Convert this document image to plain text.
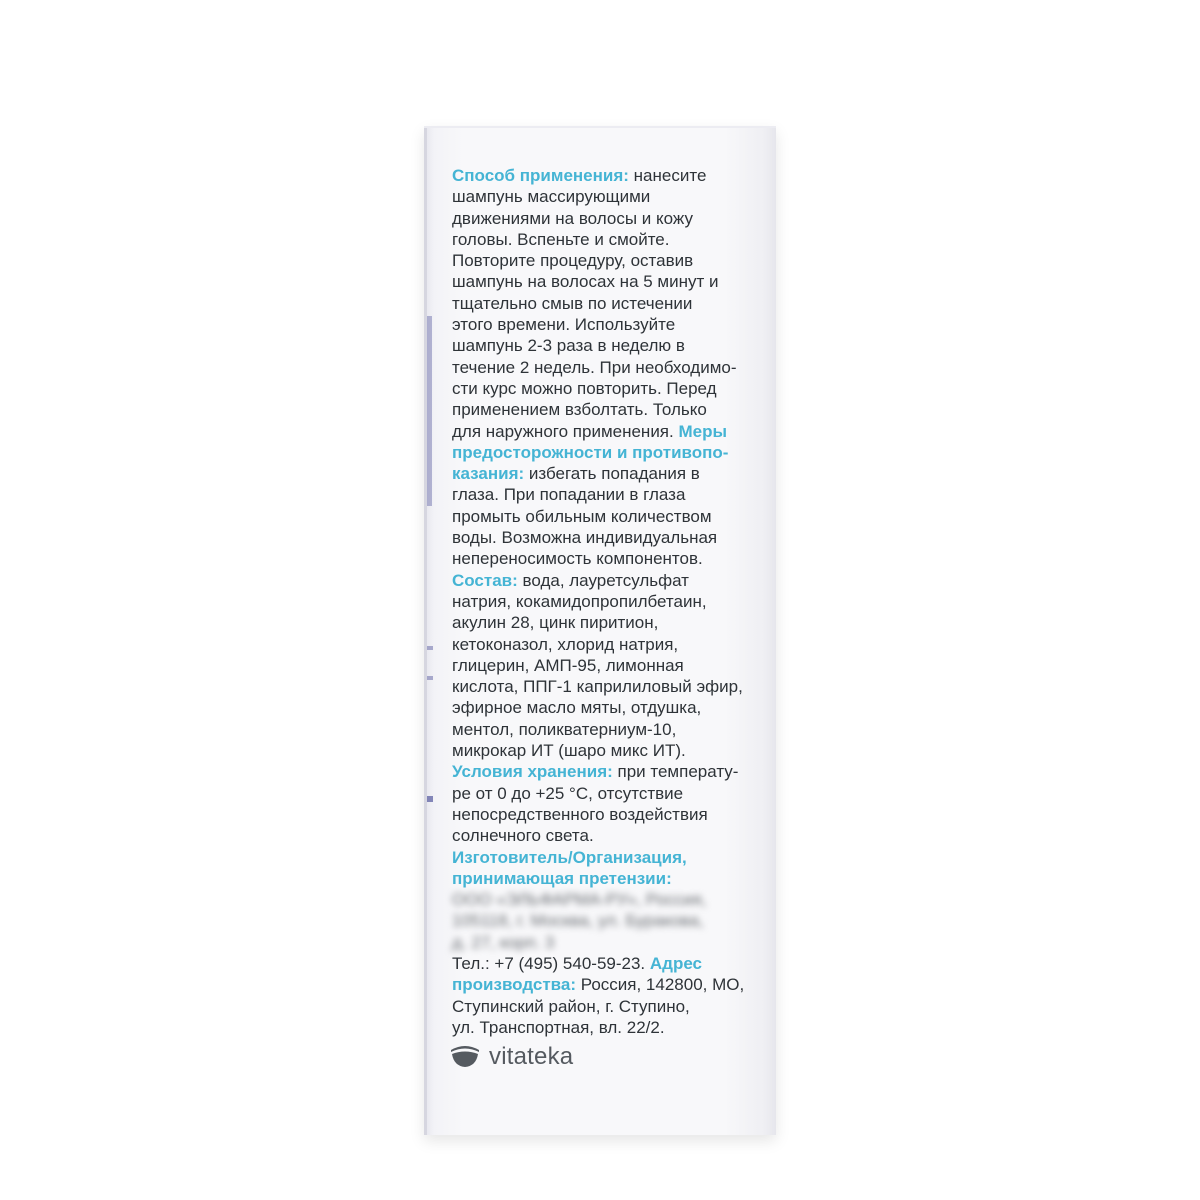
Способ применения: нанесите
шампунь массирующими
движениями на волосы и кожу
головы. Вспеньте и смойте.
Повторите процедуру, оставив
шампунь на волосах на 5 минут и
тщательно смыв по истечении
этого времени. Используйте
шампунь 2-3 раза в неделю в
течение 2 недель. При необходимо-
сти курс можно повторить. Перед
применением взболтать. Только
для наружного применения. Меры
предосторожности и противопо-
казания: избегать попадания в
глаза. При попадании в глаза
промыть обильным количеством
воды. Возможна индивидуальная
непереносимость компонентов.
Состав: вода, лауретсульфат
натрия, кокамидопропилбетаин,
акулин 28, цинк пиритион,
кетоконазол, хлорид натрия,
глицерин, АМП-95, лимонная
кислота, ППГ-1 каприлиловый эфир,
эфирное масло мяты, отдушка,
ментол, поликватерниум-10,
микрокар ИТ (шаро микс ИТ).
Условия хранения: при температу-
ре от 0 до +25 °С, отсутствие
непосредственного воздействия
солнечного света.
Изготовитель/Организация,
принимающая претензии:
ООО «ЭЛЬФАРМА-РУ», Россия,
105118, г. Москва, ул. Буракова,
д. 27, корп. 3
Тел.: +7 (495) 540-59-23. Адрес
производства: Россия, 142800, МО,
Ступинский район, г. Ступино,
ул. Транспортная, вл. 22/2.
vitateka
